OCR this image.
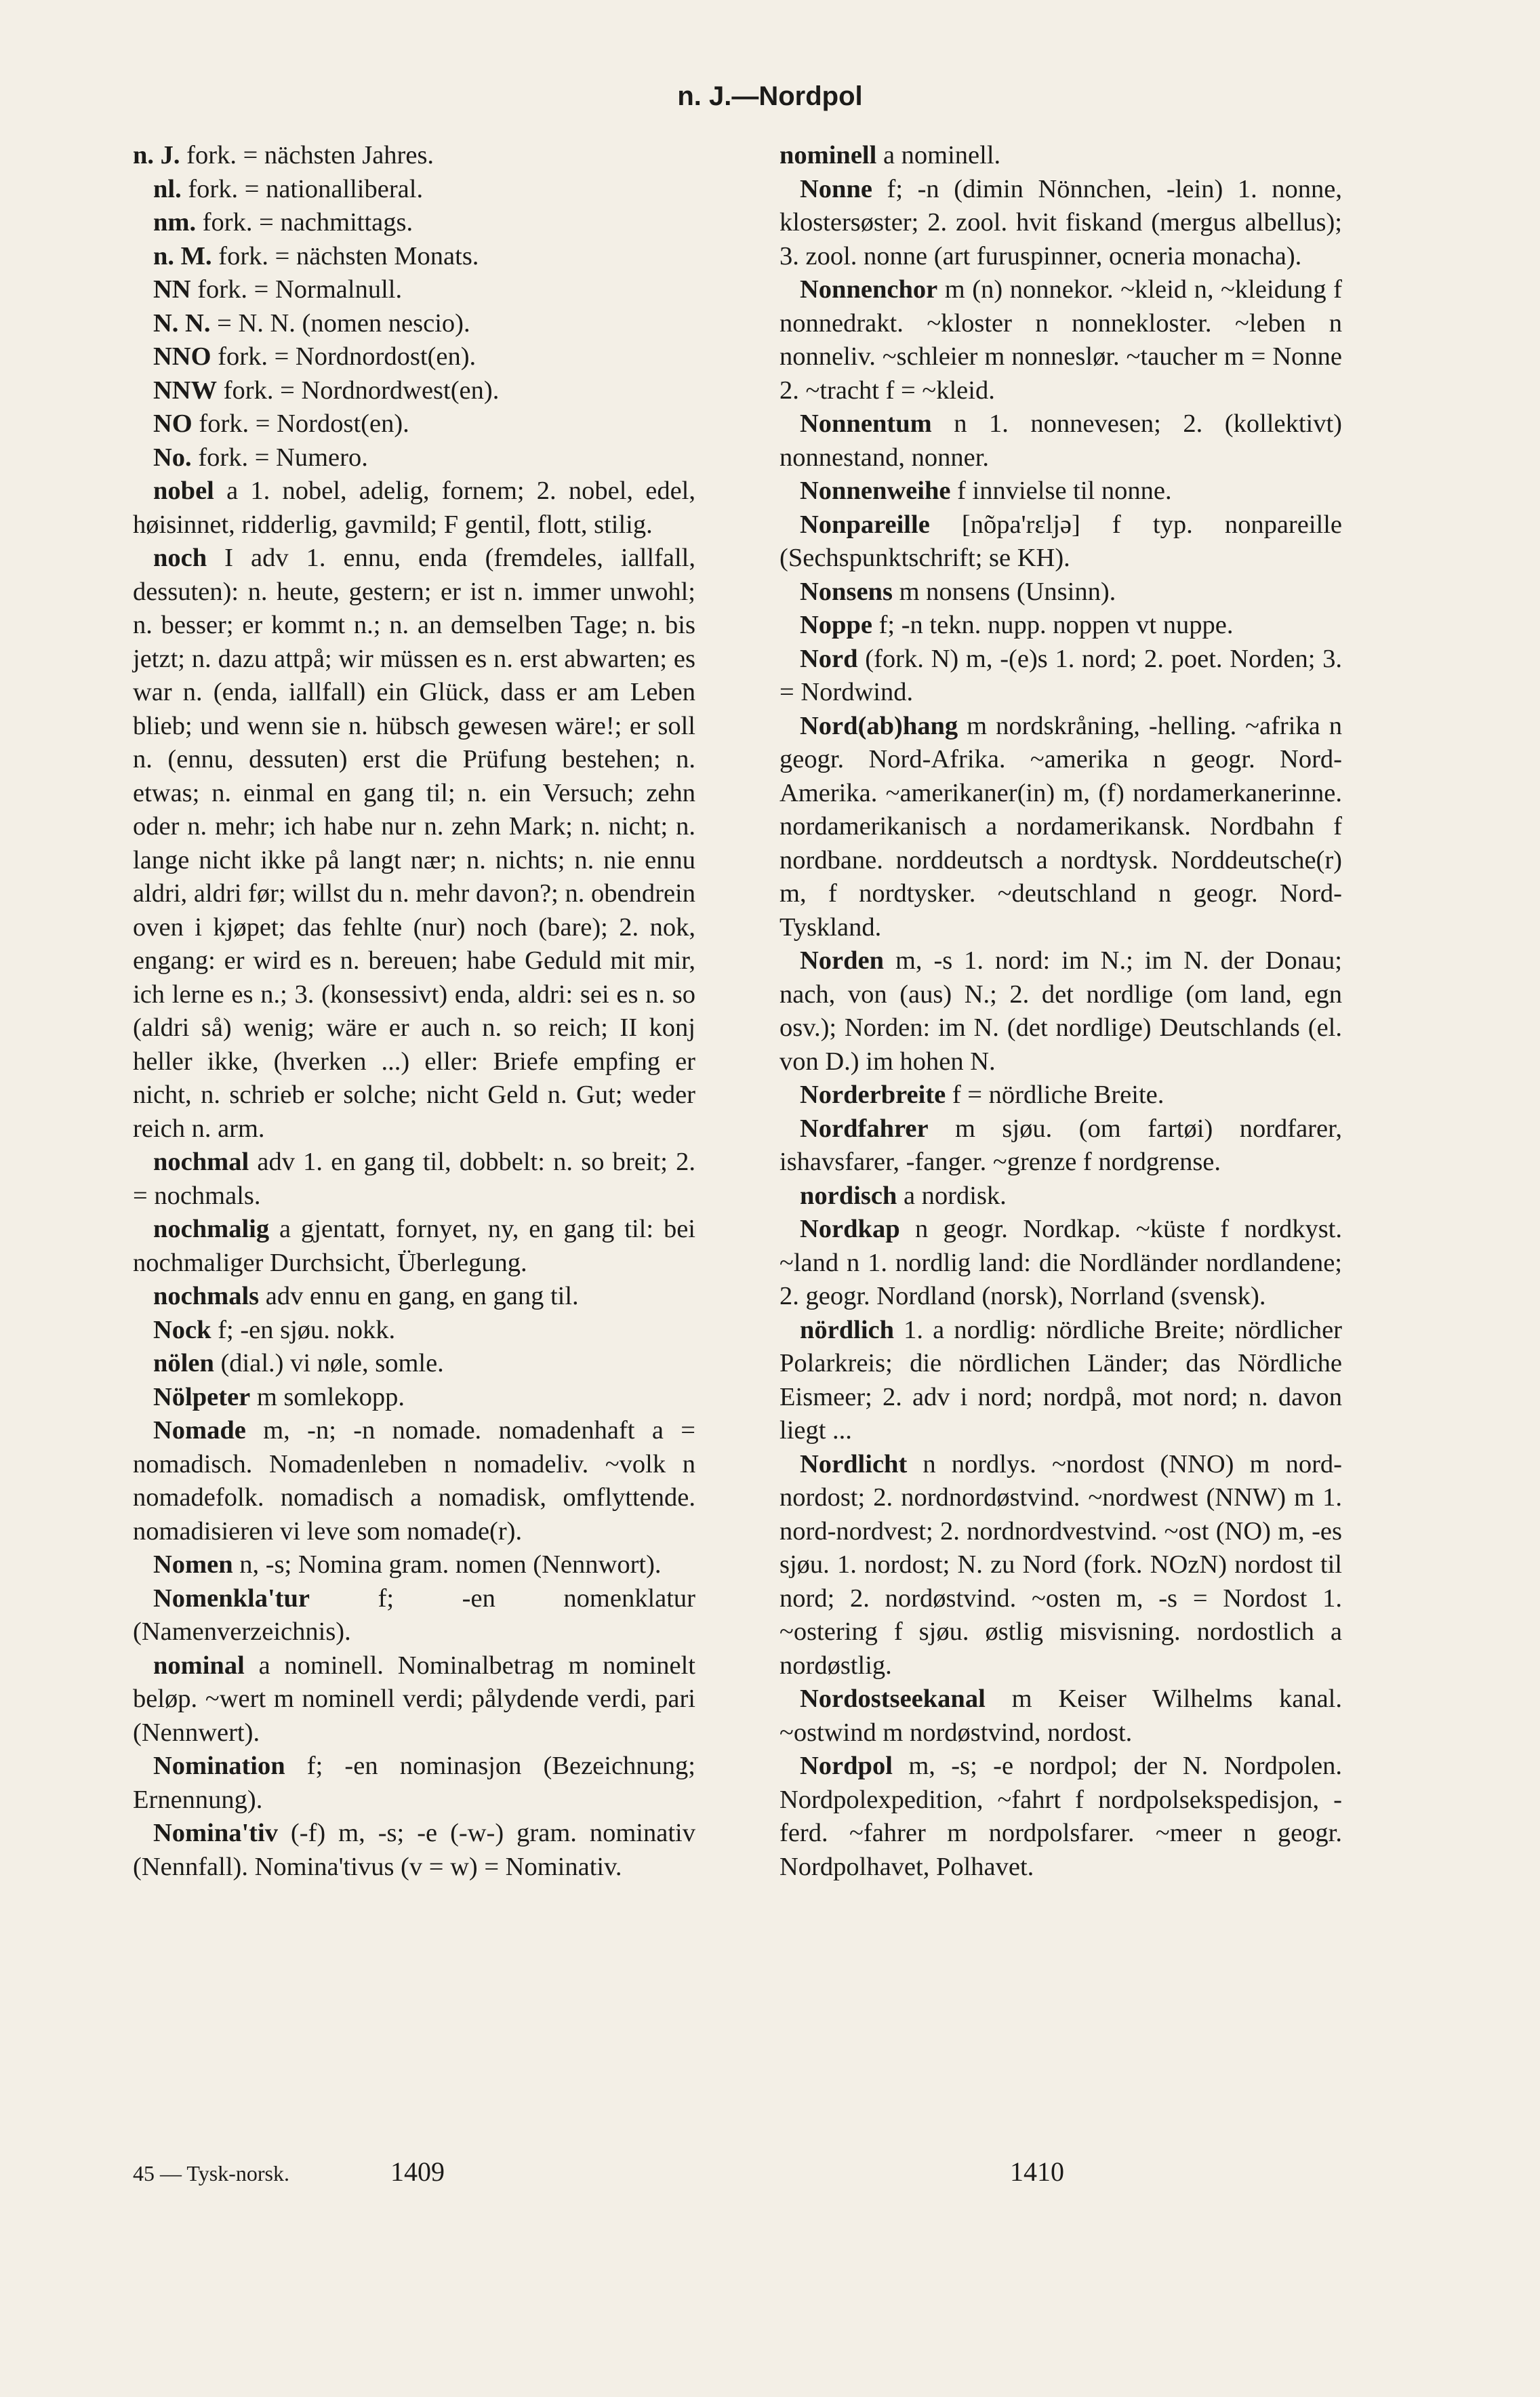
n. J.—Nordpol

n. J. fork. = nächsten Jahres.

nl. fork. = nationalliberal.

nm. fork. = nachmittags.

n. M. fork. = nächsten Monats.

NN fork. = Normalnull.

N. N. = N. N. (nomen nescio).

NNO fork. = Nordnordost(en).

NNW fork. = Nordnordwest(en).

NO fork. = Nordost(en).

No. fork. = Numero.

nobel a 1. nobel, adelig, fornem; 2. nobel, edel, høisinnet, ridderlig, gavmild; F gentil, flott, stilig.

noch I adv 1. ennu, enda (fremdeles, iallfall, dessuten): n. heute, gestern; er ist n. immer unwohl; n. besser; er kommt n.; n. an demselben Tage; n. bis jetzt; n. dazu attpå; wir müssen es n. erst abwarten; es war n. (enda, iallfall) ein Glück, dass er am Leben blieb; und wenn sie n. hübsch gewesen wäre!; er soll n. (ennu, dessuten) erst die Prüfung bestehen; n. etwas; n. einmal en gang til; n. ein Versuch; zehn oder n. mehr; ich habe nur n. zehn Mark; n. nicht; n. lange nicht ikke på langt nær; n. nichts; n. nie ennu aldri, aldri før; willst du n. mehr davon?; n. obendrein oven i kjøpet; das fehlte (nur) noch (bare); 2. nok, engang: er wird es n. bereuen; habe Geduld mit mir, ich lerne es n.; 3. (konsessivt) enda, aldri: sei es n. so (aldri så) wenig; wäre er auch n. so reich; II konj heller ikke, (hverken ...) eller: Briefe empfing er nicht, n. schrieb er solche; nicht Geld n. Gut; weder reich n. arm.

nochmal adv 1. en gang til, dobbelt: n. so breit; 2. = nochmals.

nochmalig a gjentatt, fornyet, ny, en gang til: bei nochmaliger Durchsicht, Überlegung.

nochmals adv ennu en gang, en gang til.

Nock f; -en sjøu. nokk.

nölen (dial.) vi nøle, somle.

Nölpeter m somlekopp.

Nomade m, -n; -n nomade. nomadenhaft a = nomadisch. Nomadenleben n nomadeliv. ~volk n nomadefolk. nomadisch a nomadisk, omflyttende. nomadisieren vi leve som nomade(r).

Nomen n, -s; Nomina gram. nomen (Nennwort).

Nomenkla'tur f; -en nomenklatur (Namenverzeichnis).

nominal a nominell. Nominalbetrag m nominelt beløp. ~wert m nominell verdi; pålydende verdi, pari (Nennwert).

Nomination f; -en nominasjon (Bezeichnung; Ernennung).

Nomina'tiv (-f) m, -s; -e (-w-) gram. nominativ (Nennfall). Nomina'tivus (v = w) = Nominativ.

nominell a nominell.

Nonne f; -n (dimin Nönnchen, -lein) 1. nonne, klostersøster; 2. zool. hvit fiskand (mergus albellus); 3. zool. nonne (art furuspinner, ocneria monacha).

Nonnenchor m (n) nonnekor. ~kleid n, ~kleidung f nonnedrakt. ~kloster n nonnekloster. ~leben n nonneliv. ~schleier m nonneslør. ~taucher m = Nonne 2. ~tracht f = ~kleid.

Nonnentum n 1. nonnevesen; 2. (kollektivt) nonnestand, nonner.

Nonnenweihe f innvielse til nonne.

Nonpareille [nõpa'rɛljə] f typ. nonpareille (Sechspunktschrift; se KH).

Nonsens m nonsens (Unsinn).

Noppe f; -n tekn. nupp. noppen vt nuppe.

Nord (fork. N) m, -(e)s 1. nord; 2. poet. Norden; 3. = Nordwind.

Nord(ab)hang m nordskråning, -helling. ~afrika n geogr. Nord-Afrika. ~amerika n geogr. Nord-Amerika. ~amerikaner(in) m, (f) nordamerkanerinne. nordamerikanisch a nordamerikansk. Nordbahn f nordbane. norddeutsch a nordtysk. Norddeutsche(r) m, f nordtysker. ~deutschland n geogr. Nord-Tyskland.

Norden m, -s 1. nord: im N.; im N. der Donau; nach, von (aus) N.; 2. det nordlige (om land, egn osv.); Norden: im N. (det nordlige) Deutschlands (el. von D.) im hohen N.

Norderbreite f = nördliche Breite.

Nordfahrer m sjøu. (om fartøi) nordfarer, ishavsfarer, -fanger. ~grenze f nordgrense.

nordisch a nordisk.

Nordkap n geogr. Nordkap. ~küste f nordkyst. ~land n 1. nordlig land: die Nordländer nordlandene; 2. geogr. Nordland (norsk), Norrland (svensk).

nördlich 1. a nordlig: nördliche Breite; nördlicher Polarkreis; die nördlichen Länder; das Nördliche Eismeer; 2. adv i nord; nordpå, mot nord; n. davon liegt ...

Nordlicht n nordlys. ~nordost (NNO) m nord-nordost; 2. nordnordøstvind. ~nordwest (NNW) m 1. nord-nordvest; 2. nordnordvestvind. ~ost (NO) m, -es sjøu. 1. nordost; N. zu Nord (fork. NOzN) nordost til nord; 2. nordøstvind. ~osten m, -s = Nordost 1. ~ostering f sjøu. østlig misvisning. nordostlich a nordøstlig.

Nordostseekanal m Keiser Wilhelms kanal. ~ostwind m nordøstvind, nordost.

Nordpol m, -s; -e nordpol; der N. Nordpolen. Nordpolexpedition, ~fahrt f nordpolsekspedisjon, -ferd. ~fahrer m nordpolsfarer. ~meer n geogr. Nordpolhavet, Polhavet.

45 — Tysk-norsk.	1409	1410
